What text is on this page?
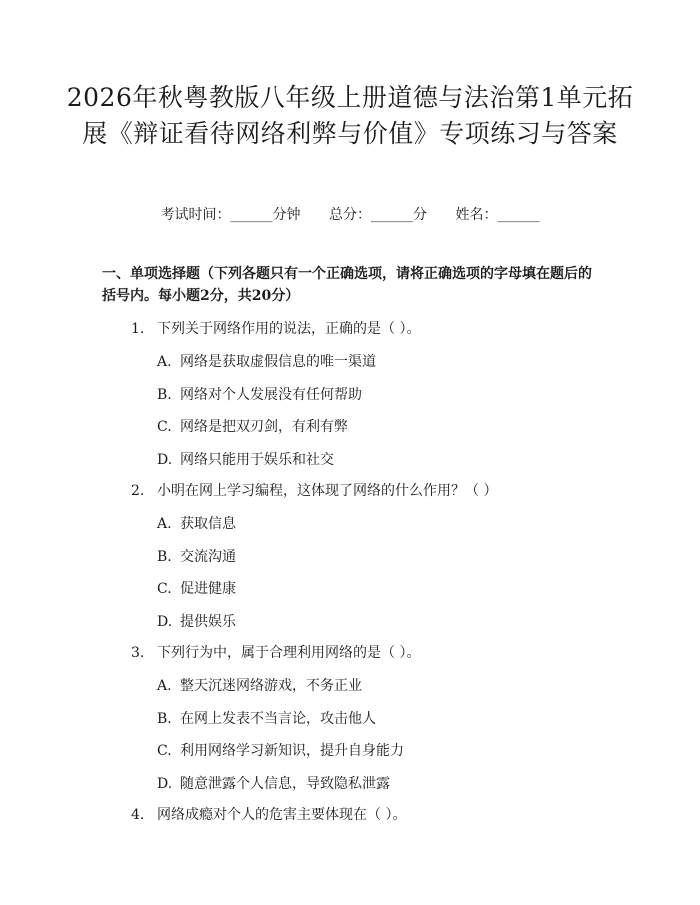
2026年秋粤教版八年级上册道德与法治第1单元拓展《辩证看待网络利弊与价值》专项练习与答案
考试时间：______分钟 总分：______分 姓名：______

一、单项选择题（下列各题只有一个正确选项，请将正确选项的字母填在题后的括号内。每小题2分，共20分）

1. 下列关于网络作用的说法，正确的是（ ）。
A. 网络是获取虚假信息的唯一渠道
B. 网络对个人发展没有任何帮助
C. 网络是把双刃剑，有利有弊
D. 网络只能用于娱乐和社交
2. 小明在网上学习编程，这体现了网络的什么作用？（ ）
A. 获取信息
B. 交流沟通
C. 促进健康
D. 提供娱乐
3. 下列行为中，属于合理利用网络的是（ ）。
A. 整天沉迷网络游戏，不务正业
B. 在网上发表不当言论，攻击他人
C. 利用网络学习新知识，提升自身能力
D. 随意泄露个人信息，导致隐私泄露
4. 网络成瘾对个人的危害主要体现在（ ）。
